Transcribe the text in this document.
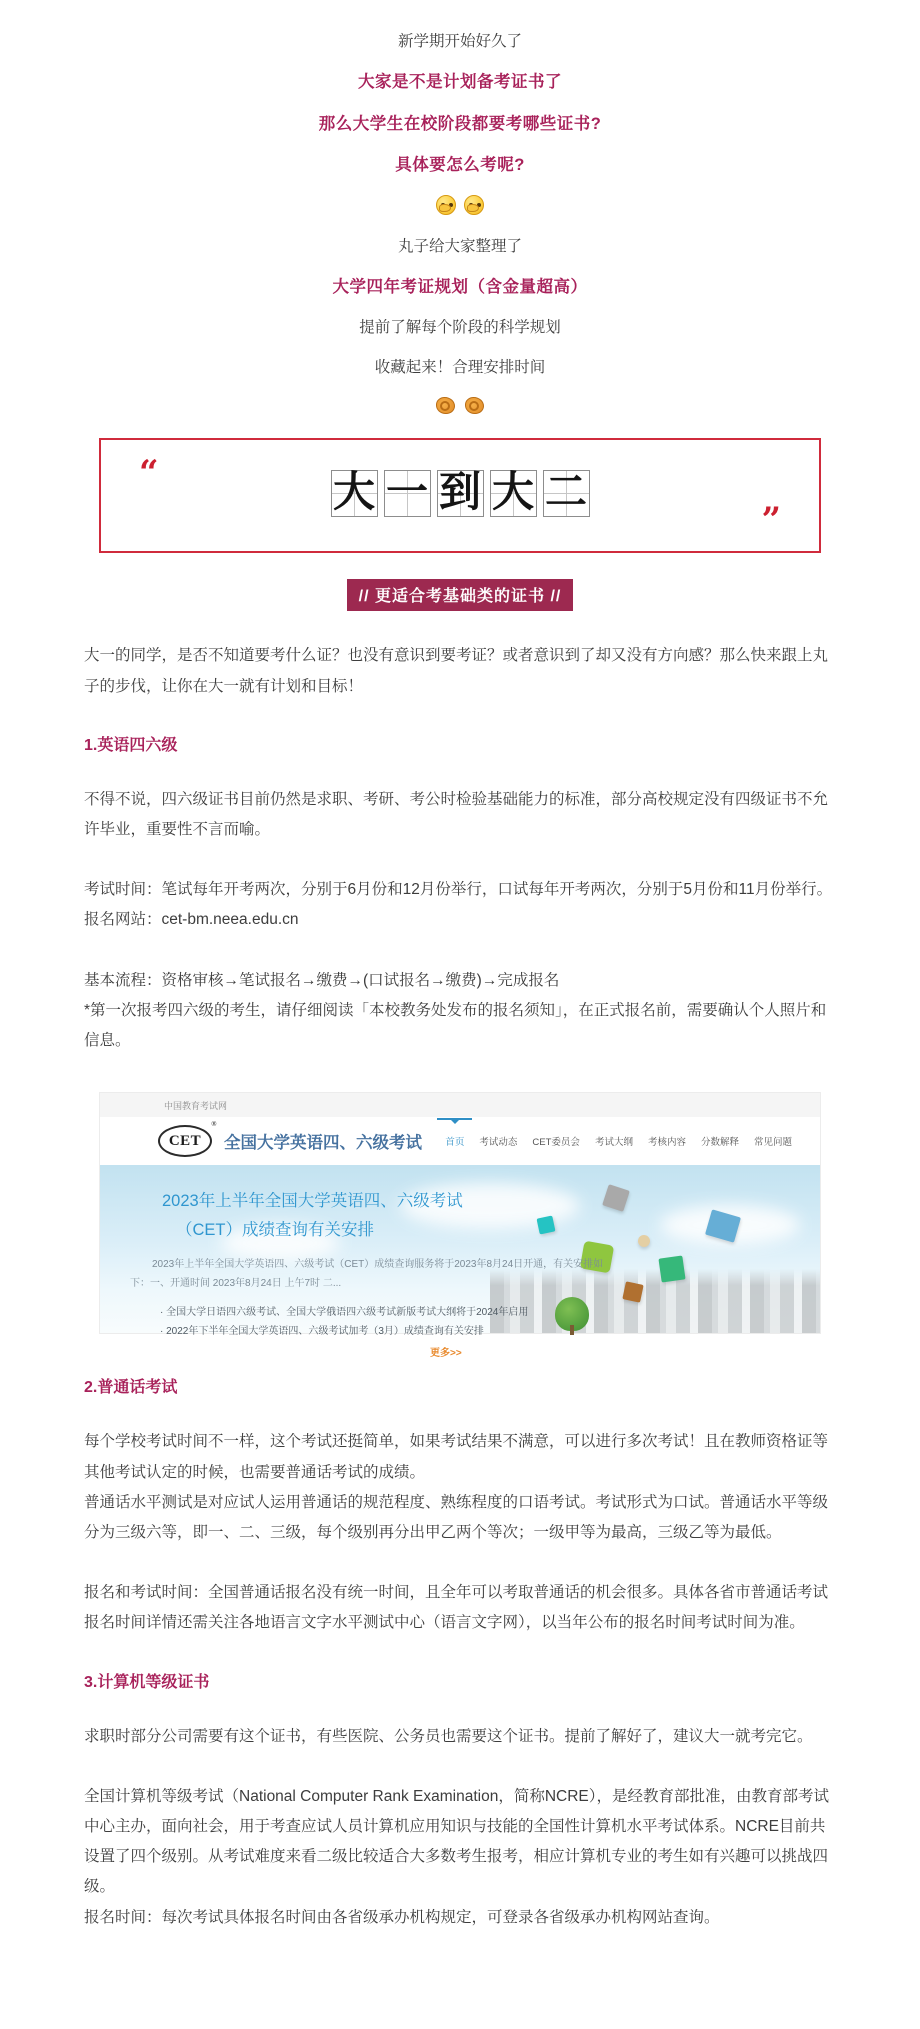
新学期开始好久了

大家是不是计划备考证书了

那么大学生在校阶段都要考哪些证书?

具体要怎么考呢?

丸子给大家整理了

大学四年考证规划（含金量超高）

提前了解每个阶段的科学规划

收藏起来！合理安排时间

“	大 一 到 大 二
”
// 更适合考基础类的证书 //

大一的同学，是否不知道要考什么证？也没有意识到要考证？或者意识到了却又没有方向感？那么快来跟上丸子的步伐，让你在大一就有计划和目标！

1.英语四六级

不得不说，四六级证书目前仍然是求职、考研、考公时检验基础能力的标准，部分高校规定没有四级证书不允许毕业，重要性不言而喻。

考试时间：笔试每年开考两次，分别于6月份和12月份举行，口试每年开考两次，分别于5月份和11月份举行。

报名网站：cet-bm.neea.edu.cn

基本流程：资格审核→笔试报名→缴费→(口试报名→缴费)→完成报名

*第一次报考四六级的考生，请仔细阅读「本校教务处发布的报名须知」，在正式报名前，需要确认个人照片和信息。

中国教育考试网
CET
®
全国大学英语四、六级考试 首页 考试动态 CET委员会 考试大纲 考核内容 分数解释 常见问题
2023年上半年全国大学英语四、六级考试
（CET）成绩查询有关安排

2023年上半年全国大学英语四、六级考试（CET）成绩查询服务将于2023年8月24日开通，有关安排如下：一、开通时间 2023年8月24日 上午7时 二...

· 全国大学日语四六级考试、全国大学俄语四六级考试新版考试大纲将于2024年启用

· 2022年下半年全国大学英语四、六级考试加考（3月）成绩查询有关安排

更多>>
2.普通话考试

每个学校考试时间不一样，这个考试还挺简单，如果考试结果不满意，可以进行多次考试！且在教师资格证等其他考试认定的时候，也需要普通话考试的成绩。

普通话水平测试是对应试人运用普通话的规范程度、熟练程度的口语考试。考试形式为口试。普通话水平等级分为三级六等，即一、二、三级，每个级别再分出甲乙两个等次；一级甲等为最高，三级乙等为最低。

报名和考试时间：全国普通话报名没有统一时间，且全年可以考取普通话的机会很多。具体各省市普通话考试报名时间详情还需关注各地语言文字水平测试中心（语言文字网），以当年公布的报名时间考试时间为准。

3.计算机等级证书

求职时部分公司需要有这个证书，有些医院、公务员也需要这个证书。提前了解好了，建议大一就考完它。

全国计算机等级考试（National Computer Rank Examination，简称NCRE），是经教育部批准，由教育部考试中心主办，面向社会，用于考查应试人员计算机应用知识与技能的全国性计算机水平考试体系。NCRE目前共设置了四个级别。从考试难度来看二级比较适合大多数考生报考，相应计算机专业的考生如有兴趣可以挑战四级。

报名时间：每次考试具体报名时间由各省级承办机构规定，可登录各省级承办机构网站查询。
